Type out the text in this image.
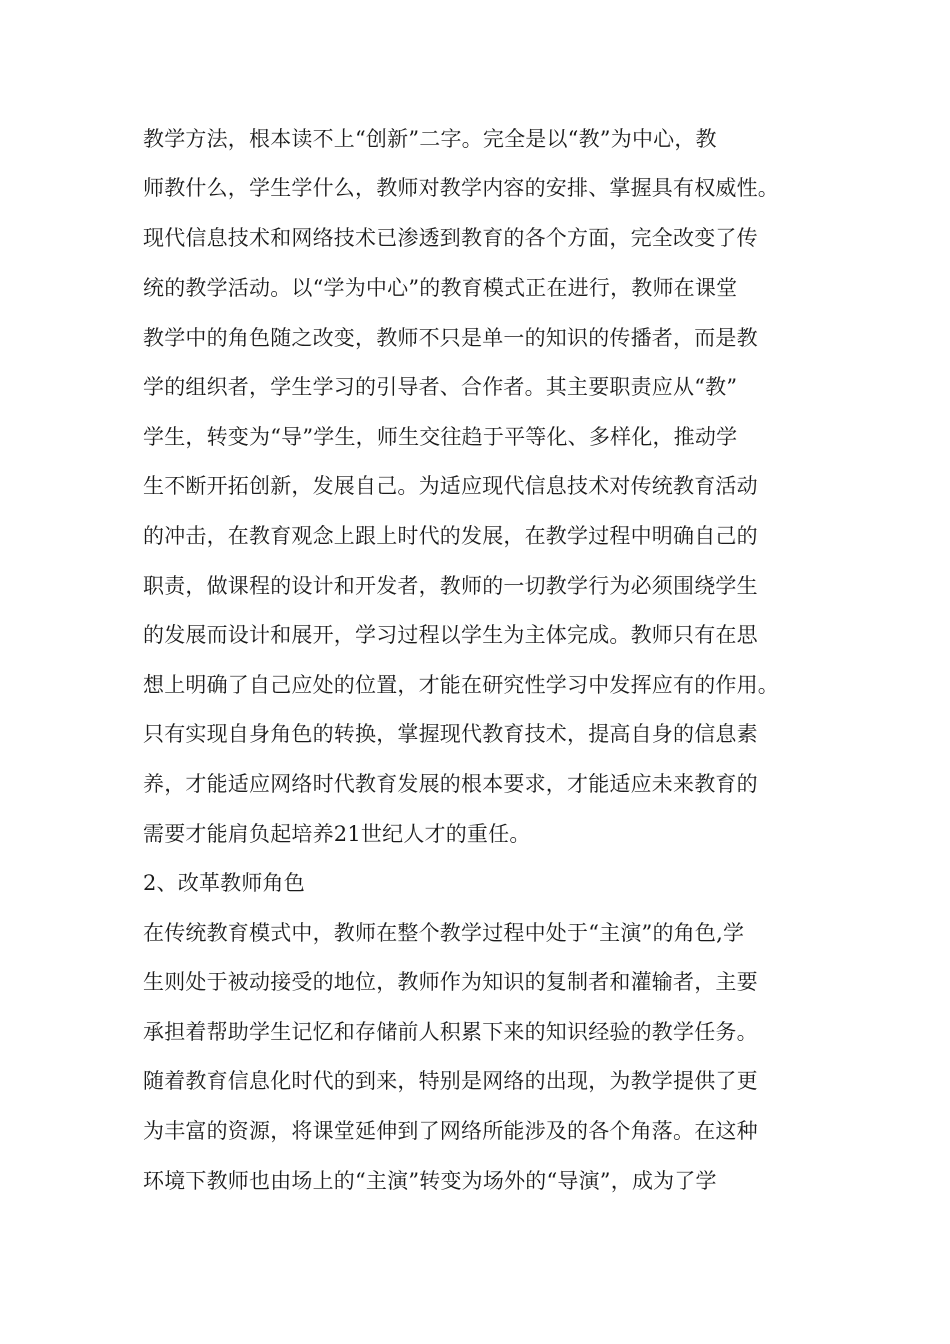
教学方法，根本读不上“创新”二字。完全是以“教”为中心，教
师教什么，学生学什么，教师对教学内容的安排、掌握具有权威性。
现代信息技术和网络技术已渗透到教育的各个方面，完全改变了传
统的教学活动。以“学为中心”的教育模式正在进行，教师在课堂
教学中的角色随之改变，教师不只是单一的知识的传播者，而是教
学的组织者，学生学习的引导者、合作者。其主要职责应从“教”
学生，转变为“导”学生，师生交往趋于平等化、多样化，推动学
生不断开拓创新，发展自己。为适应现代信息技术对传统教育活动
的冲击，在教育观念上跟上时代的发展，在教学过程中明确自己的
职责，做课程的设计和开发者，教师的一切教学行为必须围绕学生
的发展而设计和展开，学习过程以学生为主体完成。教师只有在思
想上明确了自己应处的位置，才能在研究性学习中发挥应有的作用。
只有实现自身角色的转换，掌握现代教育技术，提高自身的信息素
养，才能适应网络时代教育发展的根本要求，才能适应未来教育的
需要才能肩负起培养21世纪人才的重任。
2、改革教师角色
在传统教育模式中，教师在整个教学过程中处于“主演”的角色,学
生则处于被动接受的地位，教师作为知识的复制者和灌输者，主要
承担着帮助学生记忆和存储前人积累下来的知识经验的教学任务。
随着教育信息化时代的到来，特别是网络的出现，为教学提供了更
为丰富的资源，将课堂延伸到了网络所能涉及的各个角落。在这种
环境下教师也由场上的“主演”转变为场外的“导演”，成为了学
